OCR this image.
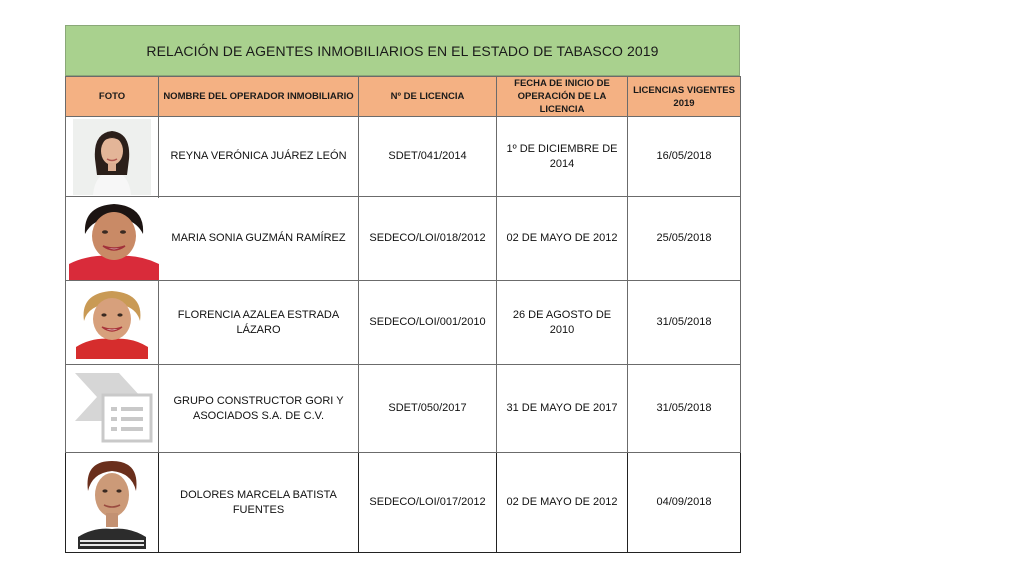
RELACIÓN DE AGENTES INMOBILIARIOS EN EL ESTADO DE TABASCO 2019
FOTO	NOMBRE DEL OPERADOR INMOBILIARIO	Nº DE LICENCIA	FECHA DE INICIO DE OPERACIÓN DE LA LICENCIA	LICENCIAS VIGENTES 2019

	REYNA VERÓNICA JUÁREZ LEÓN	SDET/041/2014	1º DE DICIEMBRE DE 2014	16/05/2018

	MARIA SONIA GUZMÁN RAMÍREZ	SEDECO/LOI/018/2012	02 DE MAYO DE 2012	25/05/2018

	FLORENCIA AZALEA ESTRADA LÁZARO	SEDECO/LOI/001/2010	26 DE AGOSTO DE 2010	31/05/2018

	GRUPO CONSTRUCTOR GORI Y ASOCIADOS S.A. DE C.V.	SDET/050/2017	31 DE MAYO DE 2017	31/05/2018

	DOLORES MARCELA BATISTA FUENTES	SEDECO/LOI/017/2012	02 DE MAYO DE 2012	04/09/2018
